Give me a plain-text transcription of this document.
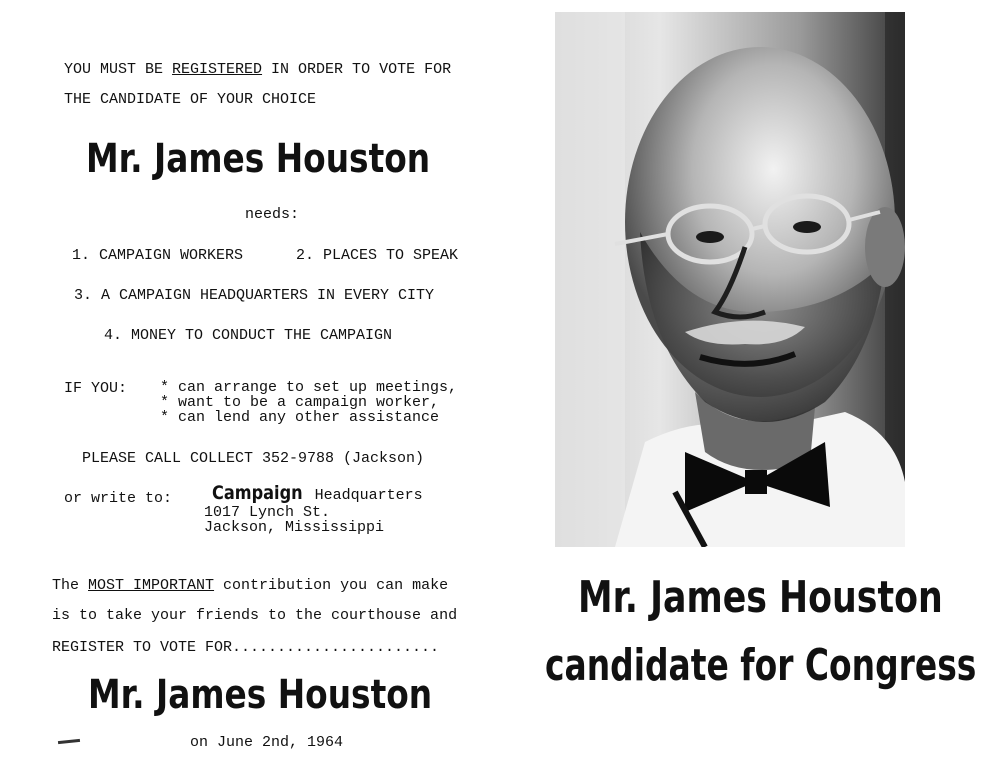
YOU MUST BE REGISTERED IN ORDER TO VOTE FOR
THE CANDIDATE OF YOUR CHOICE
Mr. James Houston
needs:
1. CAMPAIGN WORKERS	2. PLACES TO SPEAK
3. A CAMPAIGN HEADQUARTERS IN EVERY CITY
4. MONEY TO CONDUCT THE CAMPAIGN
IF YOU: * can arrange to set up meetings,
* want to be a campaign worker,
* can lend any other assistance
PLEASE CALL COLLECT 352-9788 (Jackson)
or write to: Campaign Headquarters
1017 Lynch St.
Jackson, Mississippi
The MOST IMPORTANT contribution you can make
is to take your friends to the courthouse and
REGISTER TO VOTE FOR.......................
Mr. James Houston
on June 2nd, 1964
Mr. James Houston
candidate for Congress
